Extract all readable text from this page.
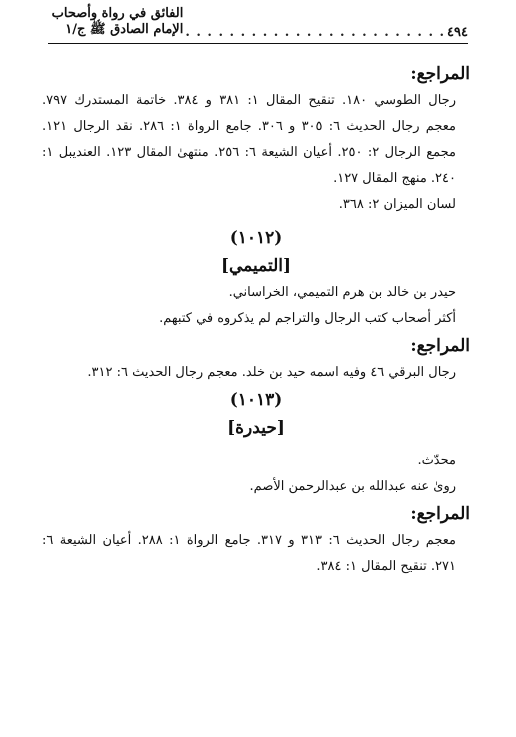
٤٩٤
. . . . . . . . . . . . . . . . . . . . . . . .
الفائق في رواة وأصحاب الإمام الصادق ﷺ ج/١

المراجع:

رجال الطوسي ١٨٠. تنقيح المقال ١: ٣٨١ و ٣٨٤. خاتمة المستدرك ٧٩٧. معجم رجال الحديث ٦: ٣٠٥ و ٣٠٦. جامع الرواة ١: ٢٨٦. نقد الرجال ١٢١. مجمع الرجال ٢: ٢٥٠. أعيان الشيعة ٦: ٢٥٦. منتهىٰ المقال ١٢٣. العنديبل ١: ٢٤٠. منهج المقال ١٢٧.

لسان الميزان ٢: ٣٦٨.

(١٠١٢)

[التميمي]

حيدر بن خالد بن هرم التميمي، الخراساني.

أكثر أصحاب كتب الرجال والتراجم لم يذكروه في كتبهم.

المراجع:

رجال البرقي ٤٦ وفيه اسمه حيد بن خلد. معجم رجال الحديث ٦: ٣١٢.

(١٠١٣)

[حيدرة]

محدّث.

روىٰ عنه عبدالله بن عبدالرحمن الأصم.

المراجع:

معجم رجال الحديث ٦: ٣١٣ و ٣١٧. جامع الرواة ١: ٢٨٨. أعيان الشيعة ٦: ٢٧١. تنقيح المقال ١: ٣٨٤.
